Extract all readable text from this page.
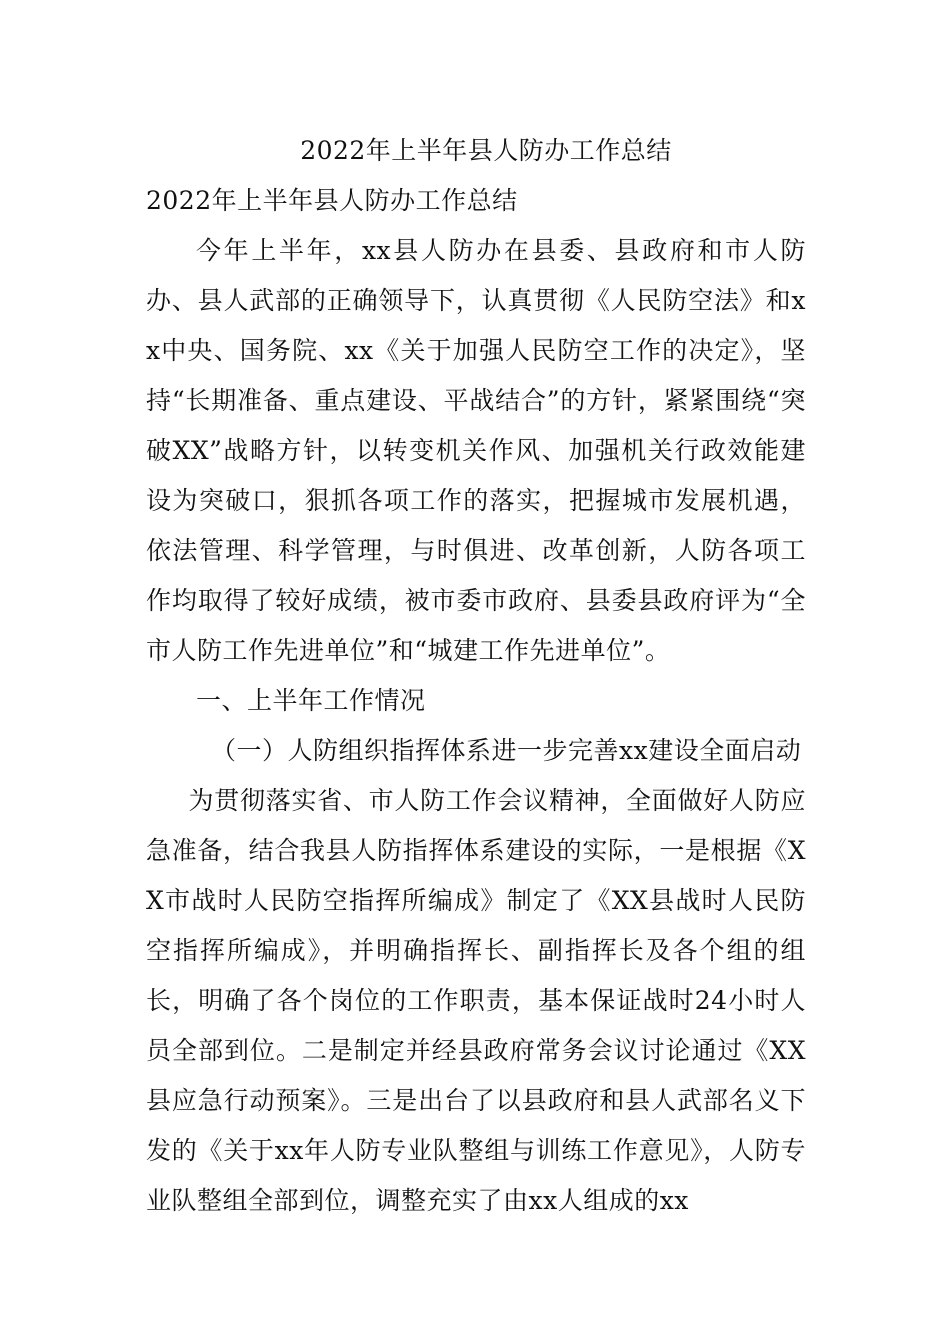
2022年上半年县人防办工作总结

2022年上半年县人防办工作总结

今年上半年，xx县人防办在县委、县政府和市人防办、县人武部的正确领导下，认真贯彻《人民防空法》和xx中央、国务院、xx《关于加强人民防空工作的决定》，坚持“长期准备、重点建设、平战结合”的方针，紧紧围绕“突破XX”战略方针，以转变机关作风、加强机关行政效能建设为突破口，狠抓各项工作的落实，把握城市发展机遇，依法管理、科学管理，与时俱进、改革创新，人防各项工作均取得了较好成绩，被市委市政府、县委县政府评为“全市人防工作先进单位”和“城建工作先进单位”。

一、上半年工作情况

（一）人防组织指挥体系进一步完善xx建设全面启动

为贯彻落实省、市人防工作会议精神，全面做好人防应急准备，结合我县人防指挥体系建设的实际，一是根据《XX市战时人民防空指挥所编成》制定了《XX县战时人民防空指挥所编成》，并明确指挥长、副指挥长及各个组的组长，明确了各个岗位的工作职责，基本保证战时24小时人员全部到位。二是制定并经县政府常务会议讨论通过《XX县应急行动预案》。三是出台了以县政府和县人武部名义下发的《关于xx年人防专业队整组与训练工作意见》，人防专业队整组全部到位，调整充实了由xx人组成的xx
